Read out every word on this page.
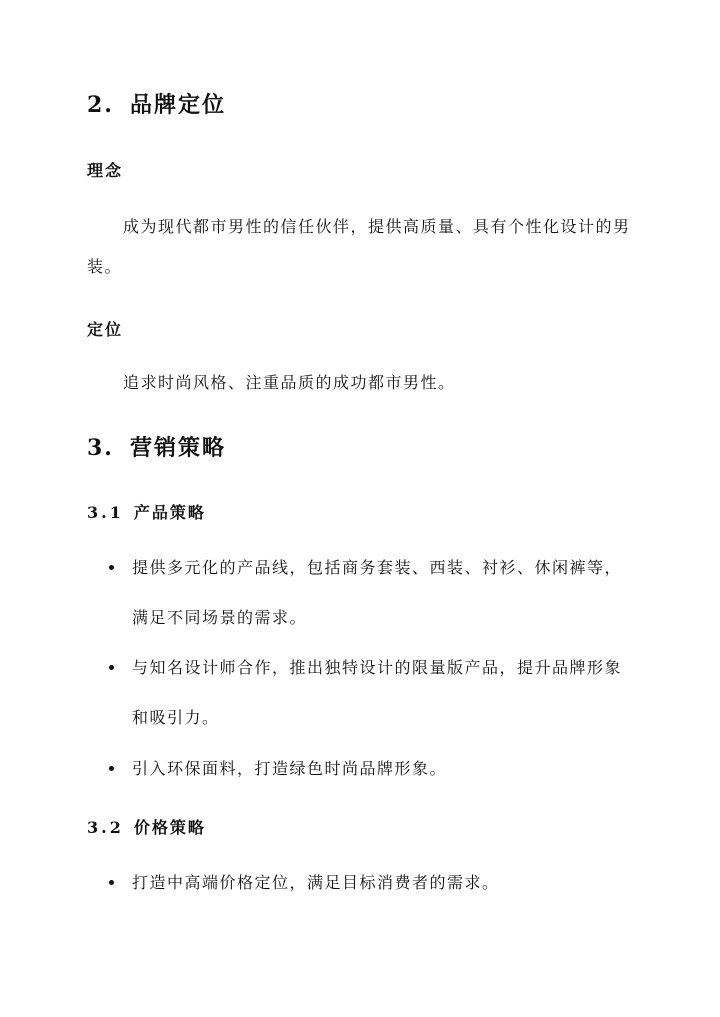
2. 品牌定位
理念

成为现代都市男性的信任伙伴，提供高质量、具有个性化设计的男装。

定位

追求时尚风格、注重品质的成功都市男性。

3. 营销策略
3.1 产品策略
提供多元化的产品线，包括商务套装、西装、衬衫、休闲裤等，满足不同场景的需求。
与知名设计师合作，推出独特设计的限量版产品，提升品牌形象和吸引力。
引入环保面料，打造绿色时尚品牌形象。
3.2 价格策略
打造中高端价格定位，满足目标消费者的需求。
